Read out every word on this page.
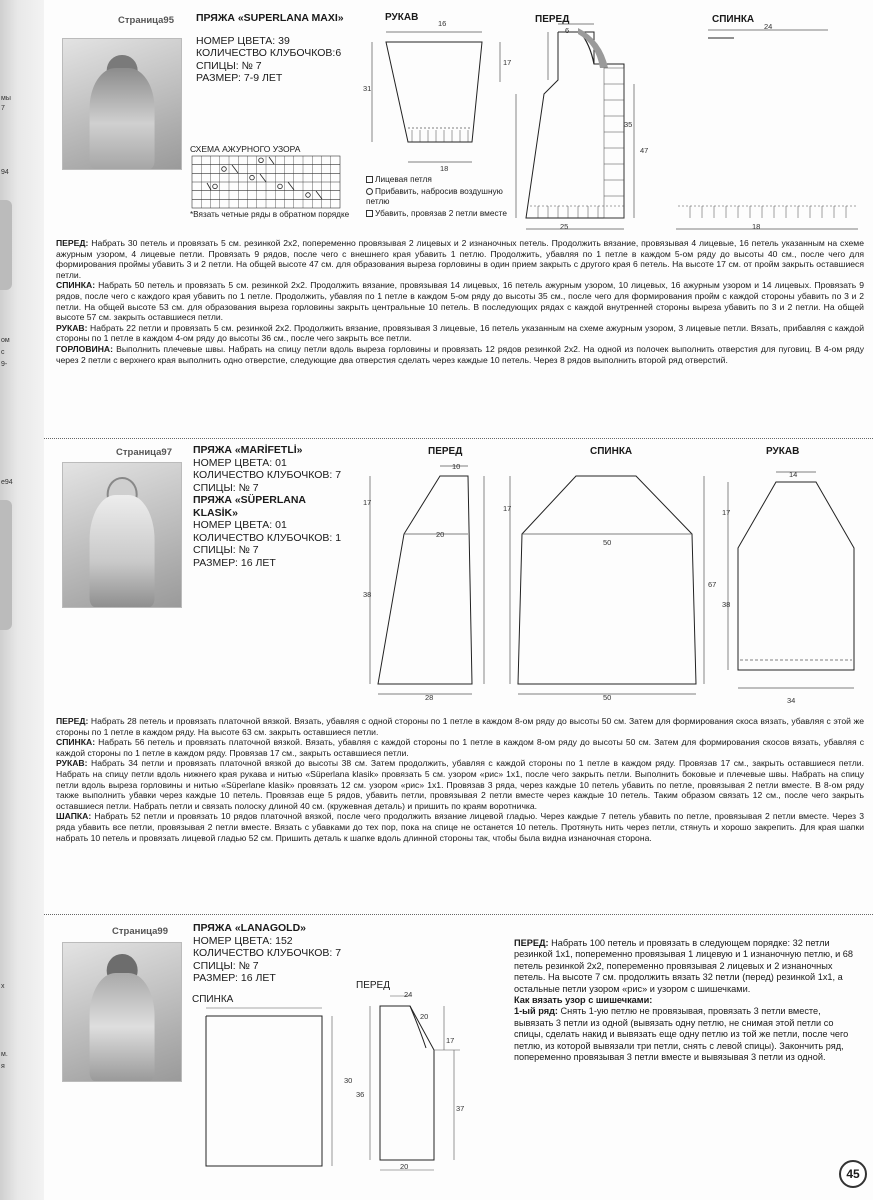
мы
7
94
ом
с
9-
e94
х
м.
я
Страница95 ПРЯЖА «SUPERLANA MAXI»
НОМЕР ЦВЕТА: 39
КОЛИЧЕСТВО КЛУБОЧКОВ:6
СПИЦЫ: № 7
РАЗМЕР: 7-9 ЛЕТ
СХЕМА АЖУРНОГО УЗОРА
*Вязать четные ряды в обратном порядке
РУКАВ
16
17
31
18
Лицевая петля
Прибавить, набросив воздушную петлю
Убавить, провязав 2 петли вместе
ПЕРЕД
6
47
35
СПИНКА
24
18
25

ПЕРЕД: Набрать 30 петель и провязать 5 см. резинкой 2х2, попеременно провязывая 2 лицевых и 2 изнаночных петель. Продолжить вязание, провязывая 4 лицевые, 16 петель указанным на схеме ажурным узором, 4 лицевые петли. Провязать 9 рядов, после чего с внешнего края убавить 1 петлю. Продолжить, убавляя по 1 петле в каждом 5-ом ряду до высоты 40 см., после чего для формирования проймы убавить 3 и 2 петли. На общей высоте 47 см. для образования выреза горловины в один прием закрыть с другого края 6 петель. На высоте 17 см. от пройм закрыть оставшиеся петли.

СПИНКА: Набрать 50 петель и провязать 5 см. резинкой 2х2. Продолжить вязание, провязывая 14 лицевых, 16 петель ажурным узором, 10 лицевых, 16 ажурным узором и 14 лицевых. Провязать 9 рядов, после чего с каждого края убавить по 1 петле. Продолжить, убавляя по 1 петле в каждом 5-ом ряду до высоты 35 см., после чего для формирования пройм с каждой стороны убавить по 3 и 2 петли. На общей высоте 53 см. для образования выреза горловины закрыть центральные 10 петель. В последующих рядах с каждой внутренней стороны выреза убавить по 3 и 2 петли. На общей высоте 57 см. закрыть оставшиеся петли.

РУКАВ: Набрать 22 петли и провязать 5 см. резинкой 2х2. Продолжить вязание, провязывая 3 лицевые, 16 петель указанным на схеме ажурным узором, 3 лицевые петли. Вязать, прибавляя с каждой стороны по 1 петле в каждом 4-ом ряду до высоты 36 см., после чего закрыть все петли.

ГОРЛОВИНА: Выполнить плечевые швы. Набрать на спицу петли вдоль выреза горловины и провязать 12 рядов резинкой 2х2. На одной из полочек выполнить отверстия для пуговиц. В 4-ом ряду через 2 петли с верхнего края выполнить одно отверстие, следующие два отверстия сделать через каждые 10 петель. Через 8 рядов выполнить второй ряд отверстий.

Страница97 ПРЯЖА «MARİFETLİ»
НОМЕР ЦВЕТА: 01
КОЛИЧЕСТВО КЛУБОЧКОВ: 7
СПИЦЫ: № 7
ПРЯЖА «SÜPERLANA KLASİK»
НОМЕР ЦВЕТА: 01
КОЛИЧЕСТВО КЛУБОЧКОВ: 1
СПИЦЫ: № 7
РАЗМЕР: 16 ЛЕТ
ПЕРЕД	СПИНКА	РУКАВ
10
17
20
38
28
17
50
67
50
14
17
38
34

ПЕРЕД: Набрать 28 петель и провязать платочной вязкой. Вязать, убавляя с одной стороны по 1 петле в каждом 8-ом ряду до высоты 50 см. Затем для формирования скоса вязать, убавляя с этой же стороны по 1 петле в каждом ряду. На высоте 63 см. закрыть оставшиеся петли.

СПИНКА: Набрать 56 петель и провязать платочной вязкой. Вязать, убавляя с каждой стороны по 1 петле в каждом 8-ом ряду до высоты 50 см. Затем для формирования скосов вязать, убавляя с каждой стороны по 1 петле в каждом ряду. Провязав 17 см., закрыть оставшиеся петли.

РУКАВ: Набрать 34 петли и провязать платочной вязкой до высоты 38 см. Затем продолжить, убавляя с каждой стороны по 1 петле в каждом ряду. Провязав 17 см., закрыть оставшиеся петли. Набрать на спицу петли вдоль нижнего края рукава и нитью «Süperlana klasik» провязать 5 см. узором «рис» 1х1, после чего закрыть петли. Выполнить боковые и плечевые швы. Набрать на спицу петли вдоль выреза горловины и нитью «Süperlane klasik» провязать 12 см. узором «рис» 1х1. Провязав 3 ряда, через каждые 10 петель убавить по петле, провязывая 2 петли вместе. В 8-ом ряду также выполнить убавки через каждые 10 петель. Провязав еще 5 рядов, убавить петли, провязывая 2 петли вместе через каждые 10 петель. Таким образом связать 12 см., после чего закрыть оставшиеся петли. Набрать петли и связать полоску длиной 40 см. (кружевная деталь) и пришить по краям воротничка.

ШАПКА: Набрать 52 петли и провязать 10 рядов платочной вязкой, после чего продолжить вязание лицевой гладью. Через каждые 7 петель убавить по петле, провязывая 2 петли вместе. Через 3 ряда убавить все петли, провязывая 2 петли вместе. Вязать с убавками до тех пор, пока на спице не останется 10 петель. Протянуть нить через петли, стянуть и хорошо закрепить. Для края шапки набрать 10 петель и провязать лицевой гладью 52 см. Пришить деталь к шапке вдоль длинной стороны так, чтобы была видна изнаночная сторона.

Страница99 ПРЯЖА «LANAGOLD»
НОМЕР ЦВЕТА: 152
КОЛИЧЕСТВО КЛУБОЧКОВ: 7
СПИЦЫ: № 7
РАЗМЕР: 16 ЛЕТ
СПИНКА
ПЕРЕД
24
20
17
36
30
37
20

ПЕРЕД: Набрать 100 петель и провязать в следующем порядке: 32 петли резинкой 1х1, попеременно провязывая 1 лицевую и 1 изнаночную петлю, и 68 петель резинкой 2х2, попеременно провязывая 2 лицевых и 2 изнаночных петель. На высоте 7 см. продолжить вязать 32 петли (перед) резинкой 1х1, а остальные петли узором «рис» и узором с шишечками.

Как вязать узор с шишечками:

1-ый ряд: Снять 1-ую петлю не провязывая, провязать 3 петли вместе, вывязать 3 петли из одной (вывязать одну петлю, не снимая этой петли со спицы, сделать накид и вывязать еще одну петлю из той же петли, после чего петлю, из которой вывязали три петли, снять с левой спицы). Закончить ряд, попеременно провязывая 3 петли вместе и вывязывая 3 петли из одной.

45
